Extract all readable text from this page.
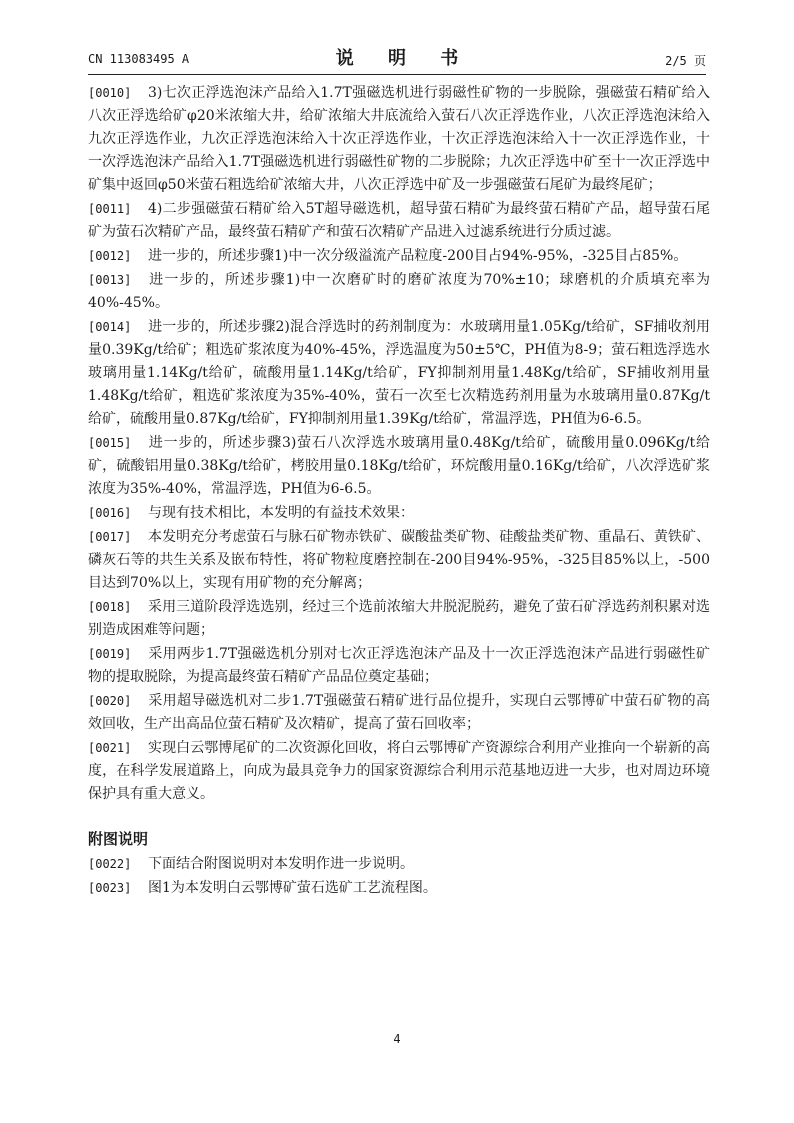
CN 113083495 A	说 明 书	2/5 页
[0010] 3)七次正浮选泡沫产品给入1.7T强磁选机进行弱磁性矿物的一步脱除，强磁萤石精矿给入八次正浮选给矿φ20米浓缩大井，给矿浓缩大井底流给入萤石八次正浮选作业，八次正浮选泡沫给入九次正浮选作业，九次正浮选泡沫给入十次正浮选作业，十次正浮选泡沫给入十一次正浮选作业，十一次浮选泡沫产品给入1.7T强磁选机进行弱磁性矿物的二步脱除；九次正浮选中矿至十一次正浮选中矿集中返回φ50米萤石粗选给矿浓缩大井，八次正浮选中矿及一步强磁萤石尾矿为最终尾矿；
[0011] 4)二步强磁萤石精矿给入5T超导磁选机，超导萤石精矿为最终萤石精矿产品，超导萤石尾矿为萤石次精矿产品，最终萤石精矿产和萤石次精矿产品进入过滤系统进行分质过滤。
[0012] 进一步的，所述步骤1)中一次分级溢流产品粒度-200目占94%-95%，-325目占85%。
[0013] 进一步的，所述步骤1)中一次磨矿时的磨矿浓度为70%±10；球磨机的介质填充率为40%-45%。
[0014] 进一步的，所述步骤2)混合浮选时的药剂制度为：水玻璃用量1.05Kg/t给矿，SF捕收剂用量0.39Kg/t给矿；粗选矿浆浓度为40%-45%，浮选温度为50±5℃，PH值为8-9；萤石粗选浮选水玻璃用量1.14Kg/t给矿，硫酸用量1.14Kg/t给矿，FY抑制剂用量1.48Kg/t给矿，SF捕收剂用量1.48Kg/t给矿，粗选矿浆浓度为35%-40%，萤石一次至七次精选药剂用量为水玻璃用量0.87Kg/t给矿，硫酸用量0.87Kg/t给矿，FY抑制剂用量1.39Kg/t给矿，常温浮选，PH值为6-6.5。
[0015] 进一步的，所述步骤3)萤石八次浮选水玻璃用量0.48Kg/t给矿，硫酸用量0.096Kg/t给矿，硫酸铝用量0.38Kg/t给矿，栲胶用量0.18Kg/t给矿，环烷酸用量0.16Kg/t给矿，八次浮选矿浆浓度为35%-40%，常温浮选，PH值为6-6.5。
[0016] 与现有技术相比，本发明的有益技术效果：
[0017] 本发明充分考虑萤石与脉石矿物赤铁矿、碳酸盐类矿物、硅酸盐类矿物、重晶石、黄铁矿、磷灰石等的共生关系及嵌布特性，将矿物粒度磨控制在-200目94%-95%，-325目85%以上，-500目达到70%以上，实现有用矿物的充分解离；
[0018] 采用三道阶段浮选选别，经过三个选前浓缩大井脱泥脱药，避免了萤石矿浮选药剂积累对选别造成困难等问题；
[0019] 采用两步1.7T强磁选机分别对七次正浮选泡沫产品及十一次正浮选泡沫产品进行弱磁性矿物的提取脱除，为提高最终萤石精矿产品品位奠定基础；
[0020] 采用超导磁选机对二步1.7T强磁萤石精矿进行品位提升，实现白云鄂博矿中萤石矿物的高效回收，生产出高品位萤石精矿及次精矿，提高了萤石回收率；
[0021] 实现白云鄂博尾矿的二次资源化回收，将白云鄂博矿产资源综合利用产业推向一个崭新的高度，在科学发展道路上，向成为最具竞争力的国家资源综合利用示范基地迈进一大步，也对周边环境保护具有重大意义。
附图说明
[0022] 下面结合附图说明对本发明作进一步说明。
[0023] 图1为本发明白云鄂博矿萤石选矿工艺流程图。
4
